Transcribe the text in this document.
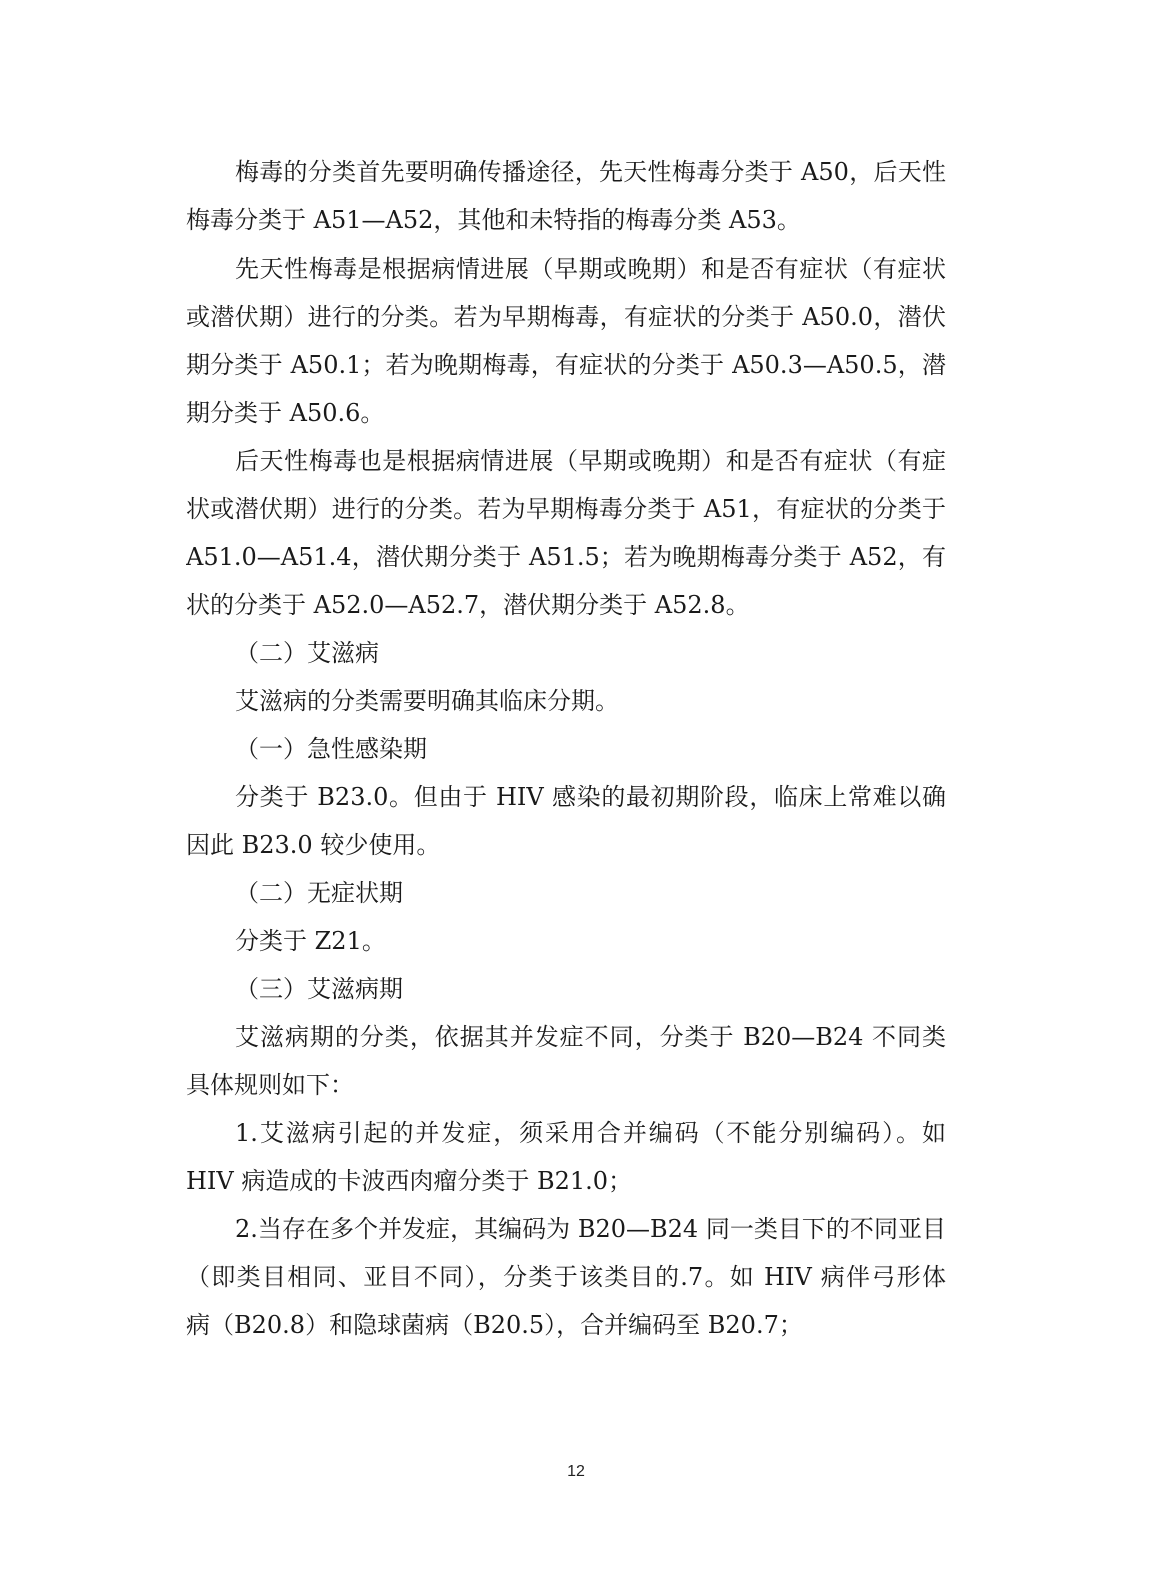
梅毒的分类首先要明确传播途径，先天性梅毒分类于 A50，后天性
梅毒分类于 A51—A52，其他和未特指的梅毒分类 A53。
先天性梅毒是根据病情进展（早期或晚期）和是否有症状（有症状
或潜伏期）进行的分类。若为早期梅毒，有症状的分类于 A50.0，潜伏
期分类于 A50.1；若为晚期梅毒，有症状的分类于 A50.3—A50.5，潜
期分类于 A50.6。
后天性梅毒也是根据病情进展（早期或晚期）和是否有症状（有症
状或潜伏期）进行的分类。若为早期梅毒分类于 A51，有症状的分类于
A51.0—A51.4，潜伏期分类于 A51.5；若为晚期梅毒分类于 A52，有
状的分类于 A52.0—A52.7，潜伏期分类于 A52.8。
（二）艾滋病
艾滋病的分类需要明确其临床分期。
（一）急性感染期
分类于 B23.0。但由于 HIV 感染的最初期阶段，临床上常难以确
因此 B23.0 较少使用。
（二）无症状期
分类于 Z21。
（三）艾滋病期
艾滋病期的分类，依据其并发症不同，分类于 B20—B24 不同类
具体规则如下：
1.艾滋病引起的并发症，须采用合并编码（不能分别编码）。如
HIV 病造成的卡波西肉瘤分类于 B21.0；
2.当存在多个并发症，其编码为 B20—B24 同一类目下的不同亚目
（即类目相同、亚目不同），分类于该类目的.7。如 HIV 病伴弓形体
病（B20.8）和隐球菌病（B20.5），合并编码至 B20.7；
12
